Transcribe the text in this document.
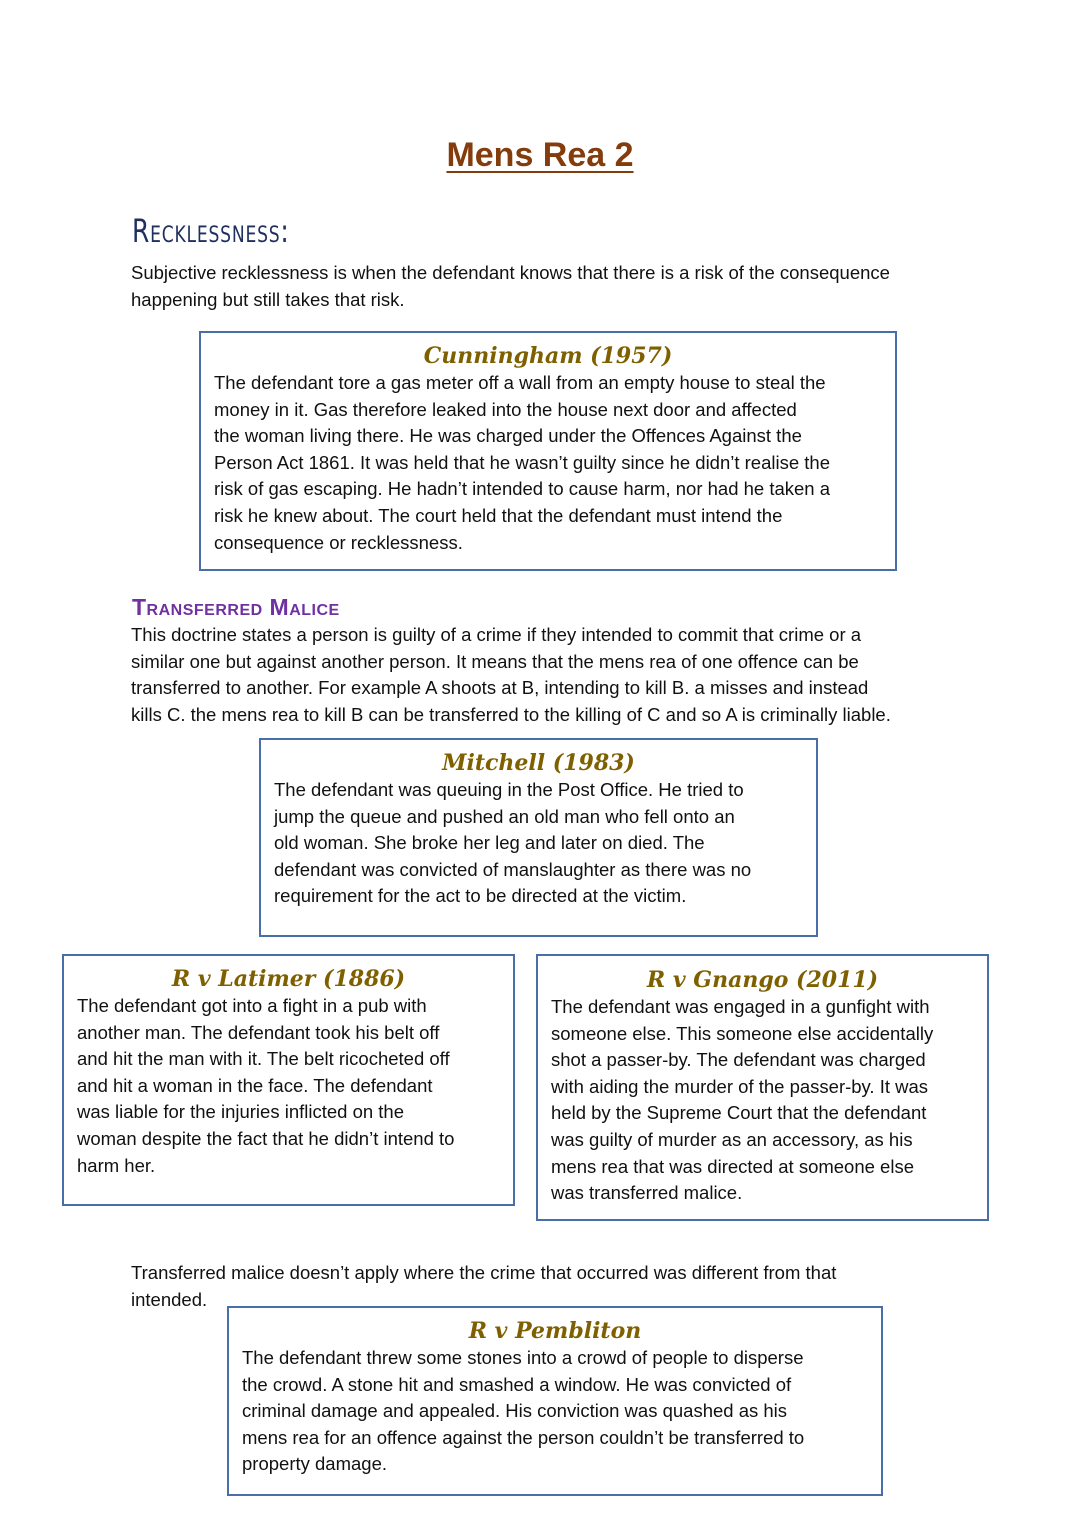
Mens Rea 2
Recklessness:
Subjective recklessness is when the defendant knows that there is a risk of the consequence
happening but still takes that risk.
Cunningham (1957)
The defendant tore a gas meter off a wall from an empty house to steal the
money in it. Gas therefore leaked into the house next door and affected
the woman living there. He was charged under the Offences Against the
Person Act 1861. It was held that he wasn’t guilty since he didn’t realise the
risk of gas escaping. He hadn’t intended to cause harm, nor had he taken a
risk he knew about. The court held that the defendant must intend the
consequence or recklessness.
Transferred Malice
This doctrine states a person is guilty of a crime if they intended to commit that crime or a
similar one but against another person. It means that the mens rea of one offence can be
transferred to another. For example A shoots at B, intending to kill B. a misses and instead
kills C. the mens rea to kill B can be transferred to the killing of C and so A is criminally liable.
Mitchell (1983)
The defendant was queuing in the Post Office. He tried to
jump the queue and pushed an old man who fell onto an
old woman. She broke her leg and later on died. The
defendant was convicted of manslaughter as there was no
requirement for the act to be directed at the victim.
R v Latimer (1886)
The defendant got into a fight in a pub with
another man. The defendant took his belt off
and hit the man with it. The belt ricocheted off
and hit a woman in the face. The defendant
was liable for the injuries inflicted on the
woman despite the fact that he didn’t intend to
harm her.
R v Gnango (2011)
The defendant was engaged in a gunfight with
someone else. This someone else accidentally
shot a passer-by. The defendant was charged
with aiding the murder of the passer-by. It was
held by the Supreme Court that the defendant
was guilty of murder as an accessory, as his
mens rea that was directed at someone else
was transferred malice.
Transferred malice doesn’t apply where the crime that occurred was different from that
intended.
R v Pembliton
The defendant threw some stones into a crowd of people to disperse
the crowd. A stone hit and smashed a window. He was convicted of
criminal damage and appealed. His conviction was quashed as his
mens rea for an offence against the person couldn’t be transferred to
property damage.
